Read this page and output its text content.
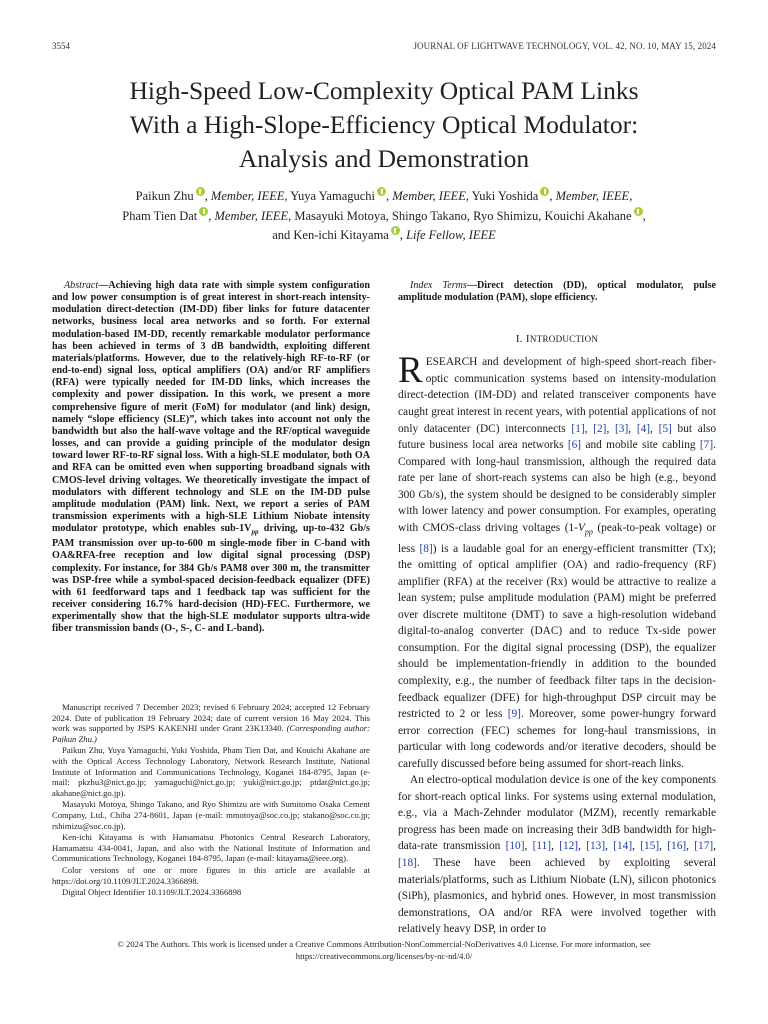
3554	JOURNAL OF LIGHTWAVE TECHNOLOGY, VOL. 42, NO. 10, MAY 15, 2024
High-Speed Low-Complexity Optical PAM Links
With a High-Slope-Efficiency Optical Modulator:
Analysis and Demonstration
Paikun Zhu , Member, IEEE, Yuya Yamaguchi , Member, IEEE, Yuki Yoshida , Member, IEEE,
Pham Tien Dat , Member, IEEE, Masayuki Motoya, Shingo Takano, Ryo Shimizu, Kouichi Akahane ,
and Ken-ichi Kitayama , Life Fellow, IEEE

Abstract—Achieving high data rate with simple system configuration and low power consumption is of great interest in short-reach intensity-modulation direct-detection (IM-DD) fiber links for future datacenter networks, business local area networks and so forth. For external modulation-based IM-DD, recently remarkable modulator performance has been achieved in terms of 3 dB bandwidth, exploiting different materials/platforms. However, due to the relatively-high RF-to-RF (or end-to-end) signal loss, optical amplifiers (OA) and/or RF amplifiers (RFA) were typically needed for IM-DD links, which increases the complexity and power dissipation. In this work, we present a more comprehensive figure of merit (FoM) for modulator (and link) design, namely “slope efficiency (SLE)”, which takes into account not only the bandwidth but also the half-wave voltage and the RF/optical waveguide losses, and can provide a guiding principle of the modulator design toward lower RF-to-RF signal loss. With a high-SLE modulator, both OA and RFA can be omitted even when supporting broadband signals with CMOS-level driving voltages. We theoretically investigate the impact of modulators with different technology and SLE on the IM-DD pulse amplitude modulation (PAM) link. Next, we report a series of PAM transmission experiments with a high-SLE Lithium Niobate intensity modulator prototype, which enables sub-$1V_{pp}$ driving, up-to-432 Gb/s PAM transmission over up-to-600 m single-mode fiber in C-band with OA&RFA-free reception and low digital signal processing (DSP) complexity. For instance, for 384 Gb/s PAM8 over 300 m, the transmitter was DSP-free while a symbol-spaced decision-feedback equalizer (DFE) with 61 feedforward taps and 1 feedback tap was sufficient for the receiver considering 16.7% hard-decision (HD)-FEC. Furthermore, we experimentally show that the high-SLE modulator supports ultra-wide fiber transmission bands (O-, S-, C- and L-band).

Manuscript received 7 December 2023; revised 6 February 2024; accepted 12 February 2024. Date of publication 19 February 2024; date of current version 16 May 2024. This work was supported by JSPS KAKENHI under Grant 23K13340. (Corresponding author: Paikun Zhu.)

Paikun Zhu, Yuya Yamaguchi, Yuki Yoshida, Pham Tien Dat, and Kouichi Akahane are with the Optical Access Technology Laboratory, Network Research Institute, National Institute of Information and Communications Technology, Koganei 184-8795, Japan (e-mail: pkzhu3@nict.go.jp; yamaguchi@nict.go.jp; yuki@nict.go.jp; ptdat@nict.go.jp; akahane@nict.go.jp).

Masayuki Motoya, Shingo Takano, and Ryo Shimizu are with Sumitomo Osaka Cement Company, Ltd., Chiba 274-8601, Japan (e-mail: mmotoya@soc.co.jp; stakano@soc.co.jp; rshimizu@soc.co.jp).

Ken-ichi Kitayama is with Hamamatsu Photonics Central Research Laboratory, Hamamatsu 434-0041, Japan, and also with the National Institute of Information and Communications Technology, Koganei 184-8795, Japan (e-mail: kitayama@ieee.org).

Color versions of one or more figures in this article are available at https://doi.org/10.1109/JLT.2024.3366898.

Digital Object Identifier 10.1109/JLT.2024.3366898

Index Terms—Direct detection (DD), optical modulator, pulse amplitude modulation (PAM), slope efficiency.

I. INTRODUCTION

RESEARCH and development of high-speed short-reach fiber-optic communication systems based on intensity-modulation direct-detection (IM-DD) and related transceiver components have caught great interest in recent years, with potential applications of not only datacenter (DC) interconnects [1], [2], [3], [4], [5] but also future business local area networks [6] and mobile site cabling [7]. Compared with long-haul transmission, although the required data rate per lane of short-reach systems can also be high (e.g., beyond 300 Gb/s), the system should be designed to be considerably simpler with lower latency and power consumption. For examples, operating with CMOS-class driving voltages ($1-V_{pp}$ (peak-to-peak voltage) or less [8]) is a laudable goal for an energy-efficient transmitter (Tx); the omitting of optical amplifier (OA) and radio-frequency (RF) amplifier (RFA) at the receiver (Rx) would be attractive to realize a lean system; pulse amplitude modulation (PAM) might be preferred over discrete multitone (DMT) to save a high-resolution wideband digital-to-analog converter (DAC) and to reduce Tx-side power consumption. For the digital signal processing (DSP), the equalizer should be implementation-friendly in addition to the bounded complexity, e.g., the number of feedback filter taps in the decision-feedback equalizer (DFE) for high-throughput DSP circuit may be restricted to 2 or less [9]. Moreover, some power-hungry forward error correction (FEC) schemes for long-haul transmissions, in particular with long codewords and/or iterative decoders, should be carefully discussed before being assumed for short-reach links.

An electro-optical modulation device is one of the key components for short-reach optical links. For systems using external modulation, e.g., via a Mach-Zehnder modulator (MZM), recently remarkable progress has been made on increasing their 3dB bandwidth for high-data-rate transmission [10], [11], [12], [13], [14], [15], [16], [17], [18]. These have been achieved by exploiting several materials/platforms, such as Lithium Niobate (LN), silicon photonics (SiPh), plasmonics, and hybrid ones. However, in most transmission demonstrations, OA and/or RFA were involved together with relatively heavy DSP, in order to

© 2024 The Authors. This work is licensed under a Creative Commons Attribution-NonCommercial-NoDerivatives 4.0 License. For more information, see
https://creativecommons.org/licenses/by-nc-nd/4.0/
